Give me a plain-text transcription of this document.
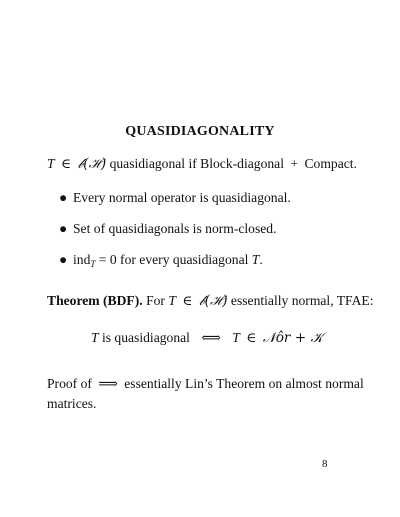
QUASIDIAGONALITY
T ∈ 𝒷(ℋ) quasidiagonal if Block-diagonal + Compact.
● Every normal operator is quasidiagonal.
● Set of quasidiagonals is norm-closed.
● ind$_T$ = 0 for every quasidiagonal T.
Theorem (BDF). For T ∈ 𝒷(ℋ) essentially normal, TFAE:
T is quasidiagonal ⟺ T ∈ 𝒩ôr + 𝒦
Proof of ⟹ essentially Lin’s Theorem on almost normal
matrices.
8
